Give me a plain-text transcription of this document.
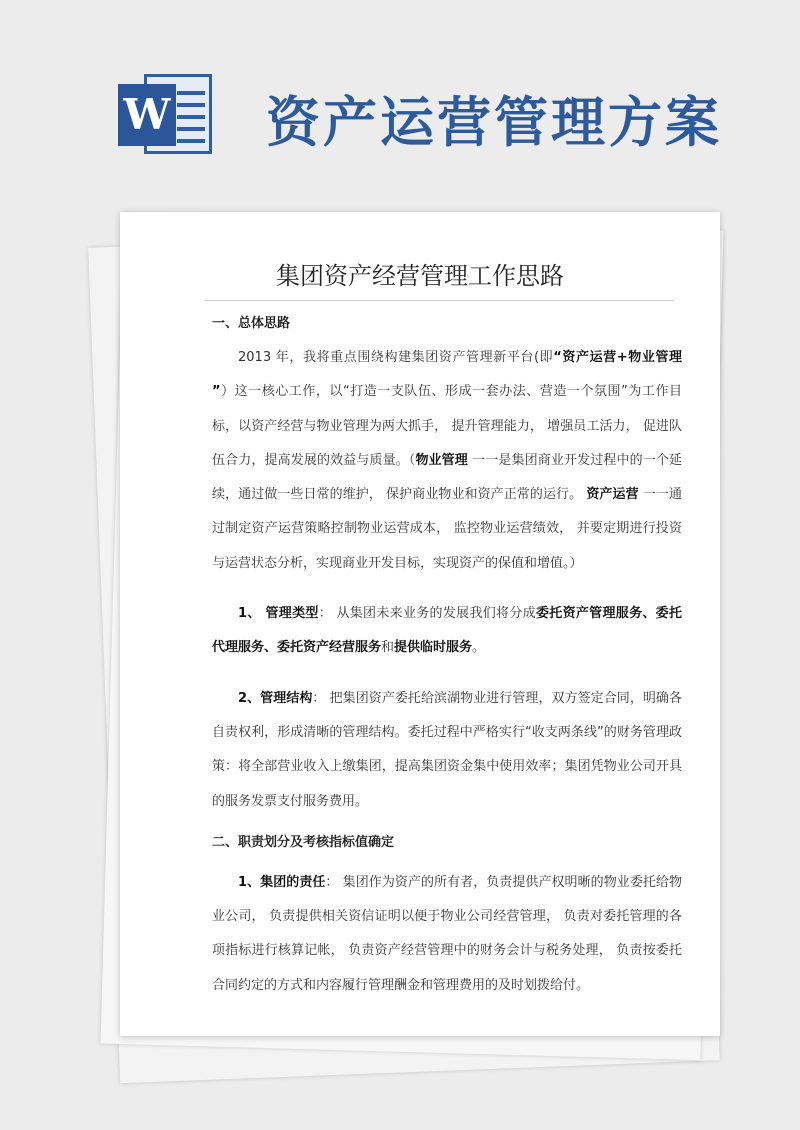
W 资产运营管理方案
集团资产经营管理工作思路

一、总体思路

2013 年，我将重点围绕构建集团资产管理新平台(即“资产运营+物业管理 ”）这一核心工作，以“打造一支队伍、形成一套办法、营造一个氛围”为工作目标，以资产经营与物业管理为两大抓手， 提升管理能力， 增强员工活力， 促进队伍合力，提高发展的效益与质量。（物业管理 一一是集团商业开发过程中的一个延续，通过做一些日常的维护， 保护商业物业和资产正常的运行。 资产运营 一一通过制定资产运营策略控制物业运营成本， 监控物业运营绩效， 并要定期进行投资与运营状态分析，实现商业开发目标，实现资产的保值和增值。）

1、 管理类型： 从集团未来业务的发展我们将分成委托资产管理服务、委托代理服务、委托资产经营服务和提供临时服务。

2、管理结构： 把集团资产委托给滨湖物业进行管理，双方签定合同，明确各自责权利，形成清晰的管理结构。委托过程中严格实行“收支两条线”的财务管理政策：将全部营业收入上缴集团，提高集团资金集中使用效率；集团凭物业公司开具的服务发票支付服务费用。

二、职责划分及考核指标值确定

1、集团的责任： 集团作为资产的所有者，负责提供产权明晰的物业委托给物业公司， 负责提供相关资信证明以便于物业公司经营管理， 负责对委托管理的各项指标进行核算记帐， 负责资产经营管理中的财务会计与税务处理， 负责按委托合同约定的方式和内容履行管理酬金和管理费用的及时划拨给付。
